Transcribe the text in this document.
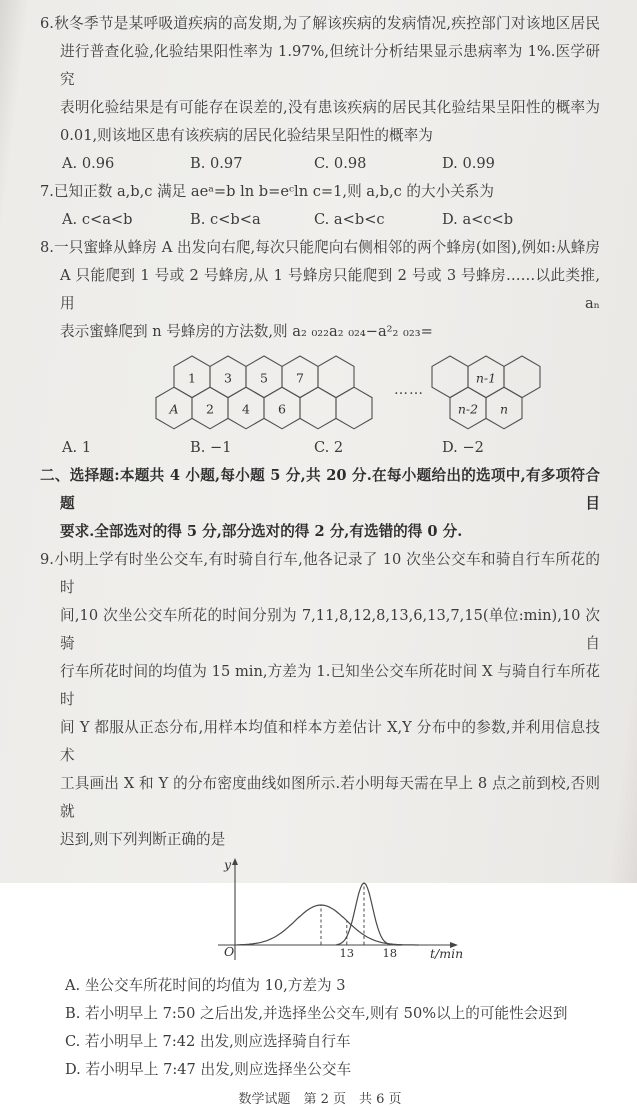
6.秋冬季节是某呼吸道疾病的高发期,为了解该疾病的发病情况,疾控部门对该地区居民
进行普查化验,化验结果阳性率为 1.97%,但统计分析结果显示患病率为 1%.医学研究
表明化验结果是有可能存在误差的,没有患该疾病的居民其化验结果呈阳性的概率为
0.01,则该地区患有该疾病的居民化验结果呈阳性的概率为
A. 0.96	B. 0.97	C. 0.98	D. 0.99
7.已知正数 a,b,c 满足 aeᵃ=b ln b=eᶜln c=1,则 a,b,c 的大小关系为
A. c<a<b	B. c<b<a	C. a<b<c	D. a<c<b
8.一只蜜蜂从蜂房 A 出发向右爬,每次只能爬向右侧相邻的两个蜂房(如图),例如:从蜂房
A 只能爬到 1 号或 2 号蜂房,从 1 号蜂房只能爬到 2 号或 3 号蜂房……以此类推,用 aₙ
表示蜜蜂爬到 n 号蜂房的方法数,则 a₂ ₀₂₂a₂ ₀₂₄−a²₂ ₀₂₃=
1 3 5 7
A 2 4 6
……
n-1
n-2 n
A. 1	B. −1	C. 2	D. −2
二、选择题:本题共 4 小题,每小题 5 分,共 20 分.在每小题给出的选项中,有多项符合题目
要求.全部选对的得 5 分,部分选对的得 2 分,有选错的得 0 分.
9.小明上学有时坐公交车,有时骑自行车,他各记录了 10 次坐公交车和骑自行车所花的时
间,10 次坐公交车所花的时间分别为 7,11,8,12,8,13,6,13,7,15(单位:min),10 次骑自
行车所花时间的均值为 15 min,方差为 1.已知坐公交车所花时间 X 与骑自行车所花时
间 Y 都服从正态分布,用样本均值和样本方差估计 X,Y 分布中的参数,并利用信息技术
工具画出 X 和 Y 的分布密度曲线如图所示.若小明每天需在早上 8 点之前到校,否则就
迟到,则下列判断正确的是
13 18
O
y
t/min
A. 坐公交车所花时间的均值为 10,方差为 3
B. 若小明早上 7:50 之后出发,并选择坐公交车,则有 50%以上的可能性会迟到
C. 若小明早上 7:42 出发,则应选择骑自行车
D. 若小明早上 7:47 出发,则应选择坐公交车
数学试题　第 2 页　共 6 页
